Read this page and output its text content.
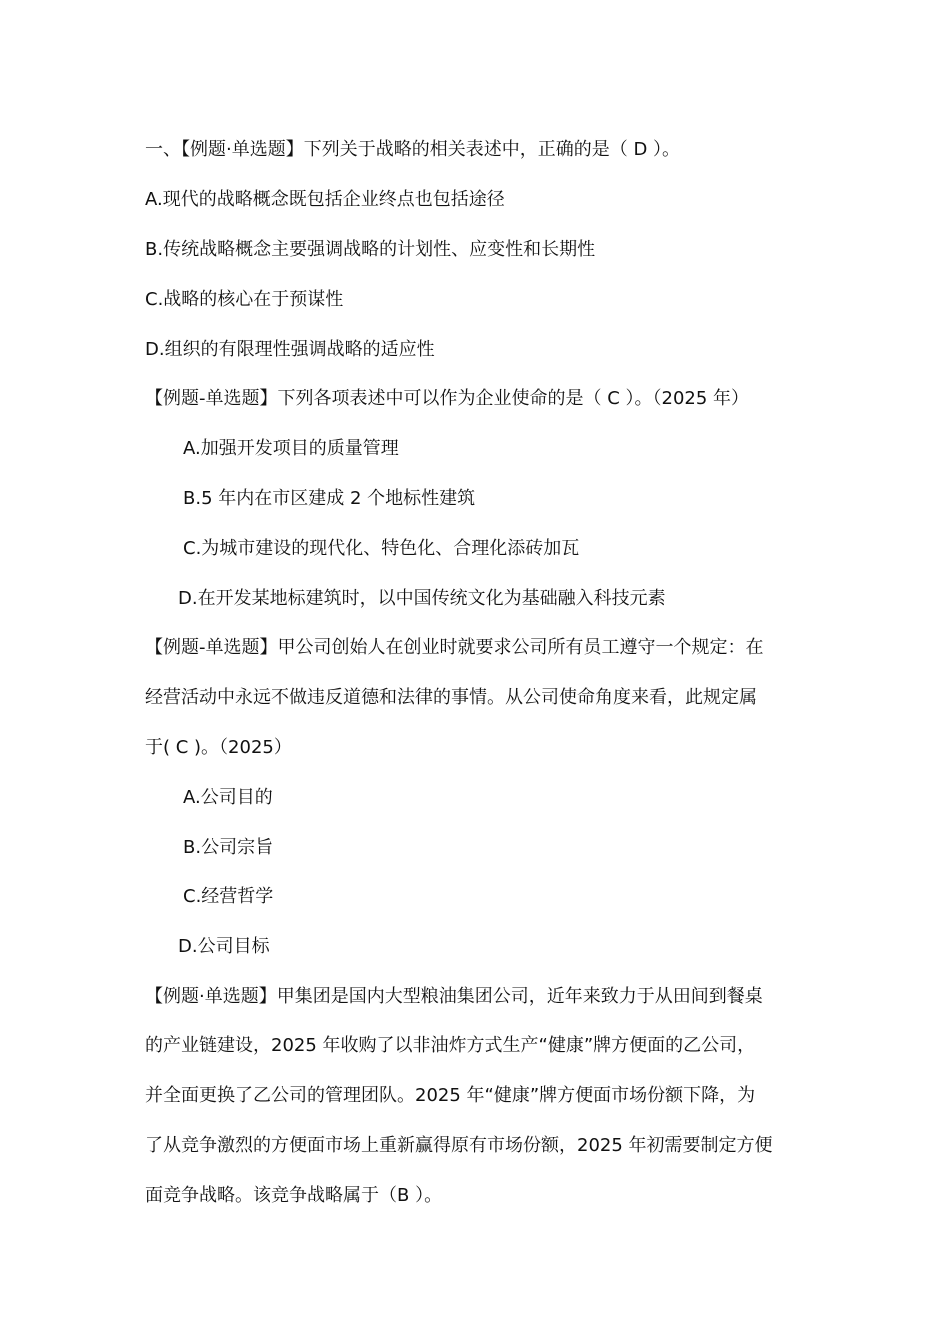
一、【例题·单选题】下列关于战略的相关表述中，正确的是（ D ）。
A.现代的战略概念既包括企业终点也包括途径
B.传统战略概念主要强调战略的计划性、应变性和长期性
C.战略的核心在于预谋性
D.组织的有限理性强调战略的适应性
【例题-单选题】下列各项表述中可以作为企业使命的是（ C ）。（2025 年）
A.加强开发项目的质量管理
B.5 年内在市区建成 2 个地标性建筑
C.为城市建设的现代化、特色化、合理化添砖加瓦
D.在开发某地标建筑时，以中国传统文化为基础融入科技元素
【例题-单选题】甲公司创始人在创业时就要求公司所有员工遵守一个规定：在
经营活动中永远不做违反道德和法律的事情。从公司使命角度来看，此规定属
于( C )。（2025）
A.公司目的
B.公司宗旨
C.经营哲学
D.公司目标
【例题·单选题】甲集团是国内大型粮油集团公司，近年来致力于从田间到餐桌
的产业链建设，2025 年收购了以非油炸方式生产“健康”牌方便面的乙公司，
并全面更换了乙公司的管理团队。2025 年“健康”牌方便面市场份额下降，为
了从竞争激烈的方便面市场上重新赢得原有市场份额，2025 年初需要制定方便
面竞争战略。该竞争战略属于（B ）。
